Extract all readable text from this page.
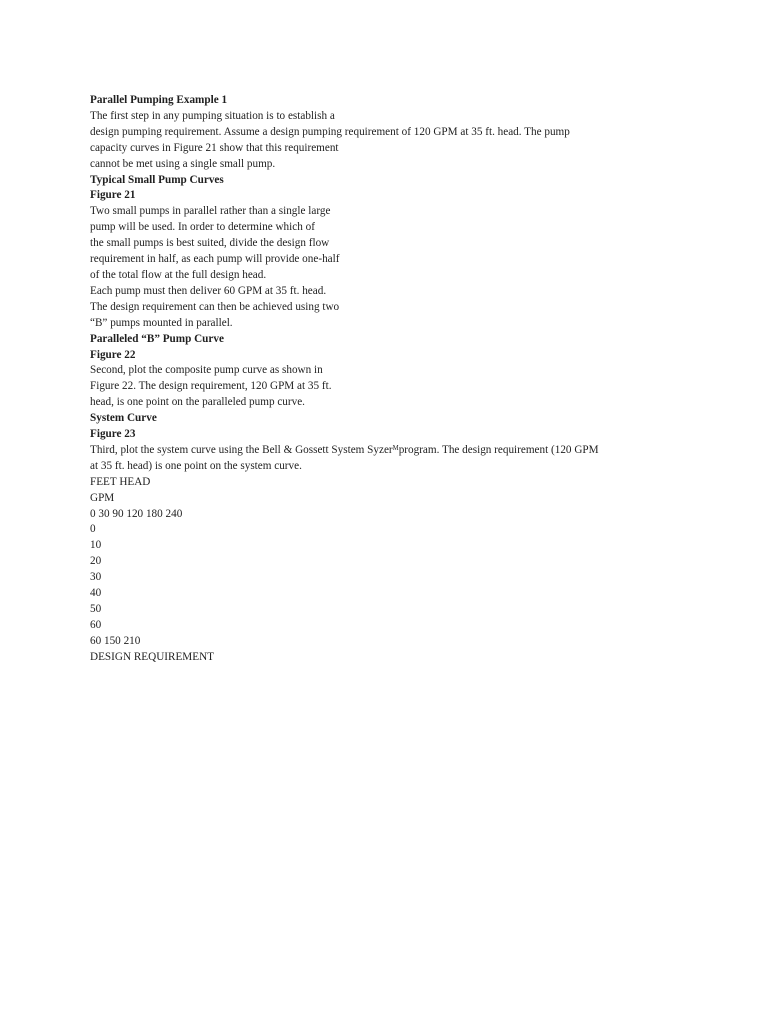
Parallel Pumping Example 1
The first step in any pumping situation is to establish a
design pumping requirement. Assume a design pumping requirement of 120 GPM at 35 ft. head. The pump
capacity curves in Figure 21 show that this requirement
cannot be met using a single small pump.
Typical Small Pump Curves
Figure 21
Two small pumps in parallel rather than a single large
pump will be used. In order to determine which of
the small pumps is best suited, divide the design flow
requirement in half, as each pump will provide one-half
of the total flow at the full design head.
Each pump must then deliver 60 GPM at 35 ft. head.
The design requirement can then be achieved using two
“B” pumps mounted in parallel.
Paralleled “B” Pump Curve
Figure 22
Second, plot the composite pump curve as shown in
Figure 22. The design requirement, 120 GPM at 35 ft.
head, is one point on the paralleled pump curve.
System Curve
Figure 23
Third, plot the system curve using the Bell & Gossett System Syzerᴹprogram. The design requirement (120 GPM
at 35 ft. head) is one point on the system curve.
FEET HEAD
GPM
0 30 90 120 180 240
0
10
20
30
40
50
60
60 150 210
DESIGN REQUIREMENT
